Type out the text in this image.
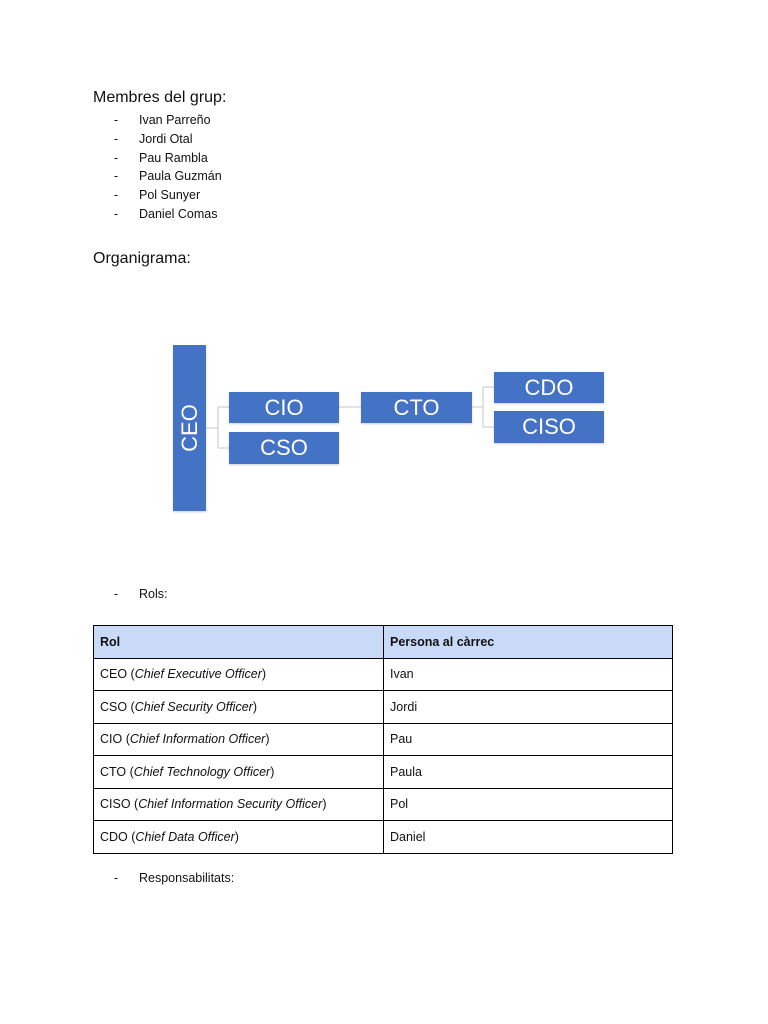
Membres del grup:
- Ivan Parreño
- Jordi Otal
- Pau Rambla
- Paula Guzmán
- Pol Sunyer
- Daniel Comas
Organigrama:
CEO	CIO
CSO
CTO
CDO
CISO
- Rols:
Rol	Persona al càrrec
CEO (Chief Executive Officer)	Ivan
CSO (Chief Security Officer)	Jordi
CIO (Chief Information Officer)	Pau
CTO (Chief Technology Officer)	Paula
CISO (Chief Information Security Officer)	Pol
CDO (Chief Data Officer)	Daniel
- Responsabilitats:
